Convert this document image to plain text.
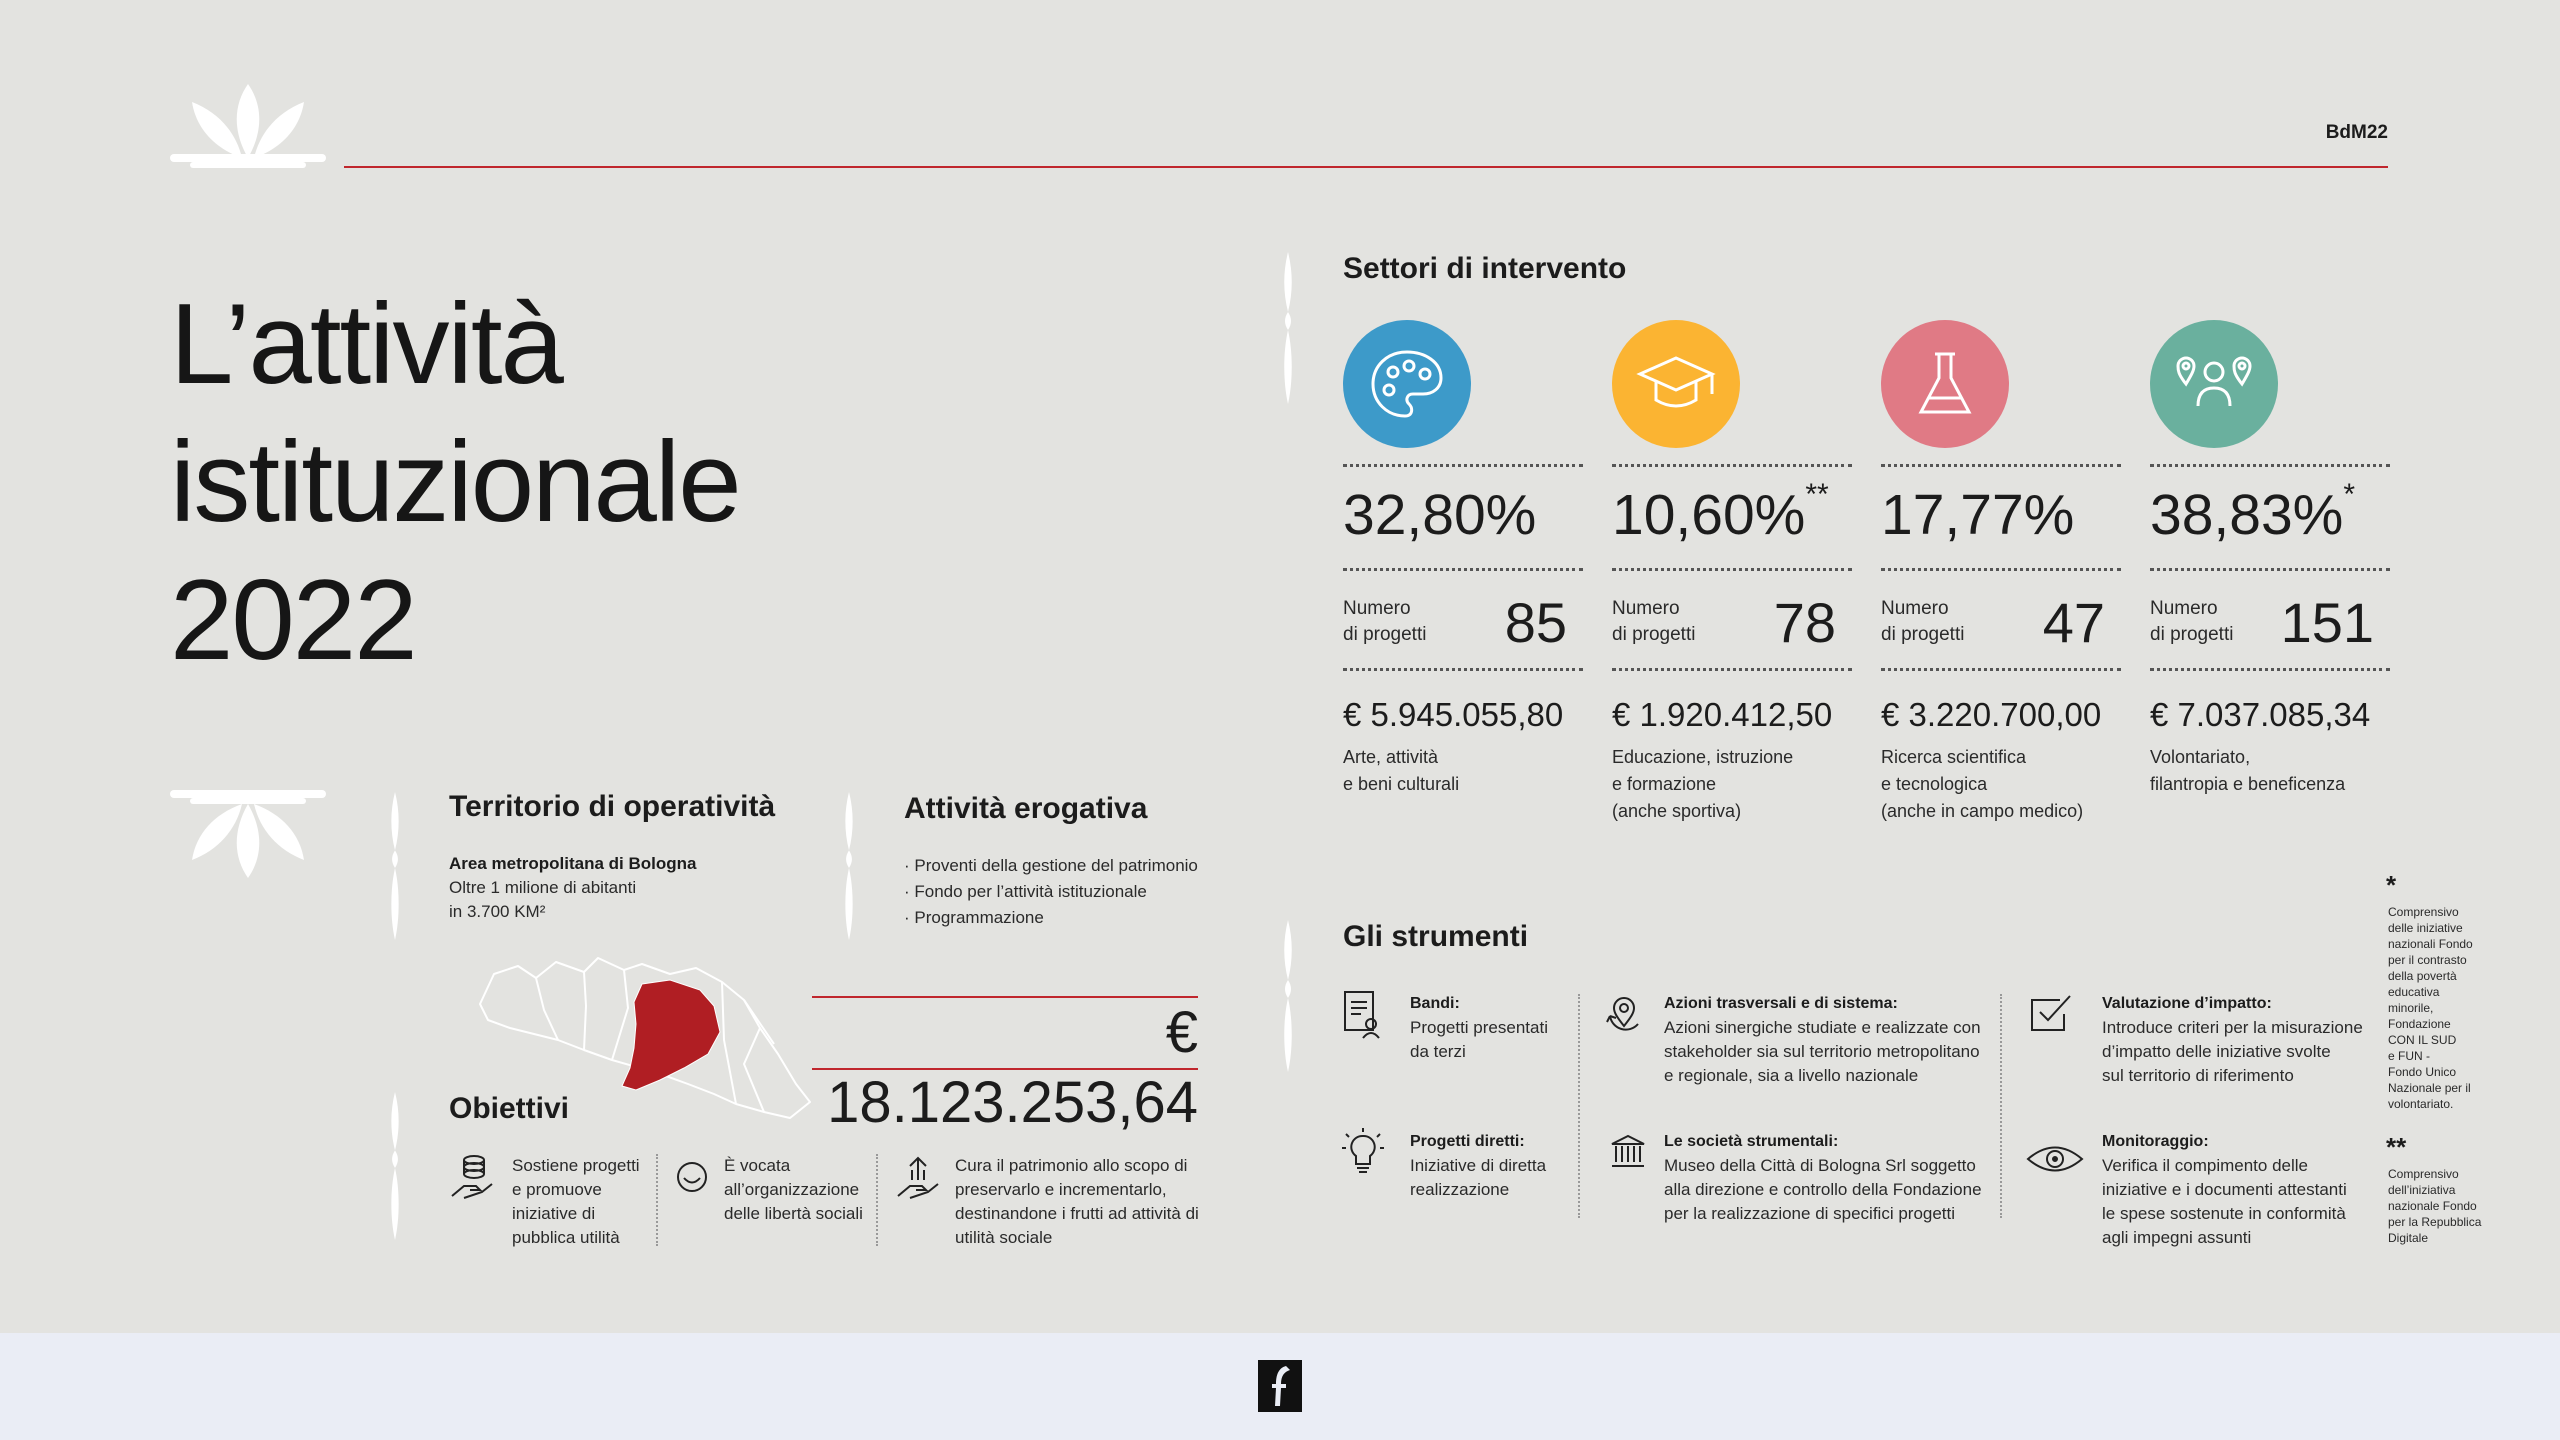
BdM22
L’attività
istituzionale
2022
Territorio di operatività
Area metropolitana di Bologna
Oltre 1 milione di abitanti
in 3.700 KM²
Attività erogativa
· Proventi della gestione del patrimonio
· Fondo per l’attività istituzionale
· Programmazione
€ 18.123.253,64
Obiettivi
Sostiene progetti e promuove iniziative di pubblica utilità
È vocata all’organizzazione delle libertà sociali
Cura il patrimonio allo scopo di preservarlo e incrementarlo, destinandone i frutti ad attività di utilità sociale
Settori di intervento
32,80%
Numero
di progetti	85
€ 5.945.055,80
Arte, attività
e beni culturali
10,60%**
Numero
di progetti	78
€ 1.920.412,50
Educazione, istruzione
e formazione
(anche sportiva)
17,77%
Numero
di progetti	47
€ 3.220.700,00
Ricerca scientifica
e tecnologica
(anche in campo medico)
38,83%*
Numero
di progetti 151
€ 7.037.085,34
Volontariato,
filantropia e beneficenza
Gli strumenti
Bandi:
Progetti presentati
da terzi
Azioni trasversali e di sistema:
Azioni sinergiche studiate e realizzate con
stakeholder sia sul territorio metropolitano
e regionale, sia a livello nazionale
Valutazione d’impatto:
Introduce criteri per la misurazione
d’impatto delle iniziative svolte
sul territorio di riferimento
Progetti diretti:
Iniziative di diretta
realizzazione
Le società strumentali:
Museo della Città di Bologna Srl soggetto
alla direzione e controllo della Fondazione
per la realizzazione di specifici progetti
Monitoraggio:
Verifica il compimento delle
iniziative e i documenti attestanti
le spese sostenute in conformità
agli impegni assunti
*
Comprensivo
delle iniziative
nazionali Fondo
per il contrasto
della povertà
educativa
minorile,
Fondazione
CON IL SUD
e FUN -
Fondo Unico
Nazionale per il
volontariato.
**
Comprensivo
dell’iniziativa
nazionale Fondo
per la Repubblica
Digitale
